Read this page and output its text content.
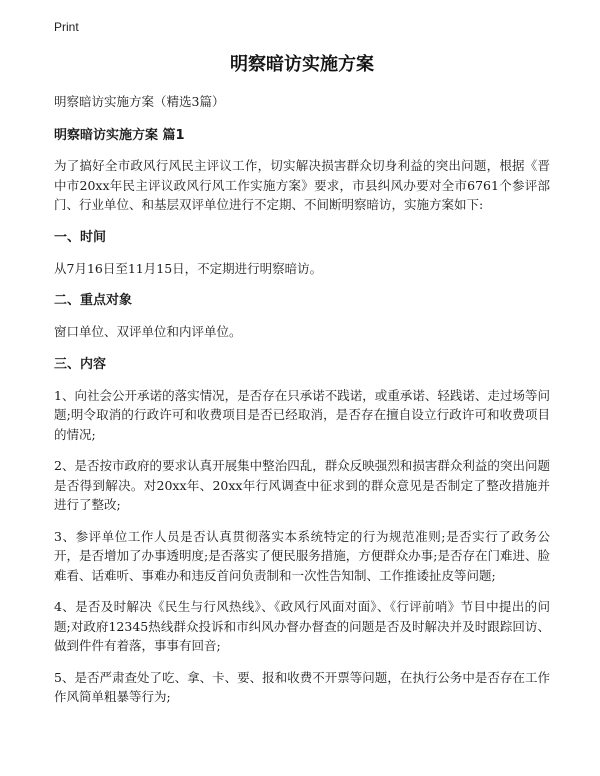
Print
明察暗访实施方案
明察暗访实施方案（精选3篇）
明察暗访实施方案 篇1

为了搞好全市政风行风民主评议工作，切实解决损害群众切身利益的突出问题，根据《晋中市20xx年民主评议政风行风工作实施方案》要求，市县纠风办要对全市6761个参评部门、行业单位、和基层双评单位进行不定期、不间断明察暗访，实施方案如下:

一、时间

从7月16日至11月15日，不定期进行明察暗访。

二、重点对象

窗口单位、双评单位和内评单位。

三、内容

1、向社会公开承诺的落实情况，是否存在只承诺不践诺，或重承诺、轻践诺、走过场等问题;明令取消的行政许可和收费项目是否已经取消，是否存在擅自设立行政许可和收费项目的情况;

2、是否按市政府的要求认真开展集中整治四乱，群众反映强烈和损害群众利益的突出问题是否得到解决。对20xx年、20xx年行风调查中征求到的群众意见是否制定了整改措施并进行了整改;

3、参评单位工作人员是否认真贯彻落实本系统特定的行为规范准则;是否实行了政务公开，是否增加了办事透明度;是否落实了便民服务措施，方便群众办事;是否存在门难进、脸难看、话难听、事难办和违反首问负责制和一次性告知制、工作推诿扯皮等问题;

4、是否及时解决《民生与行风热线》、《政风行风面对面》、《行评前哨》节目中提出的问题;对政府12345热线群众投诉和市纠风办督办督查的问题是否及时解决并及时跟踪回访、做到件件有着落，事事有回音;

5、是否严肃查处了吃、拿、卡、要、报和收费不开票等问题，在执行公务中是否存在工作作风简单粗暴等行为;
